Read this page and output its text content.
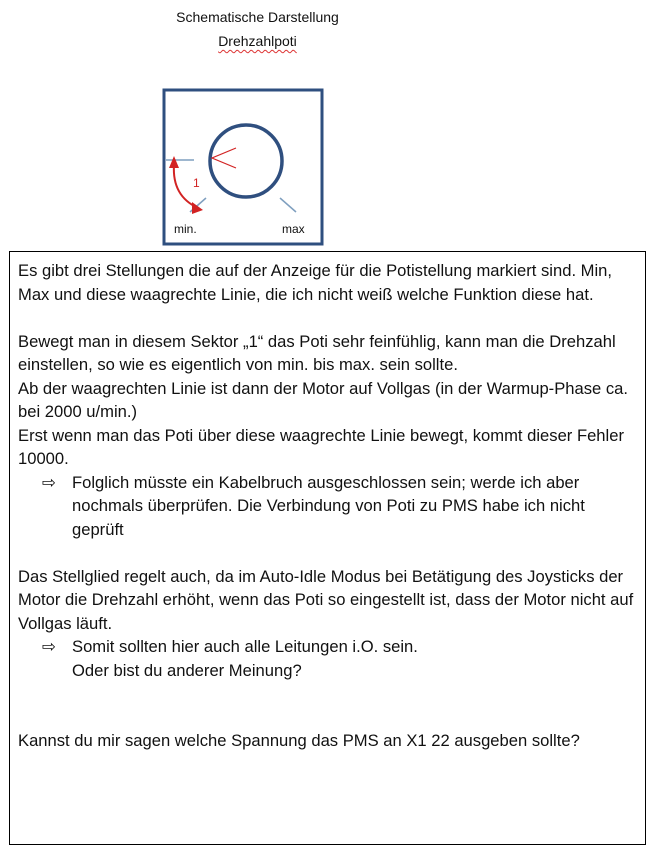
Schematische Darstellung
Drehzahlpoti
1
min.	max

Es gibt drei Stellungen die auf der Anzeige für die Potistellung markiert sind. Min, Max und diese waagrechte Linie, die ich nicht weiß welche Funktion diese hat.

Bewegt man in diesem Sektor „1“ das Poti sehr feinfühlig, kann man die Drehzahl einstellen, so wie es eigentlich von min. bis max. sein sollte.

Ab der waagrechten Linie ist dann der Motor auf Vollgas (in der Warmup-Phase ca. bei 2000 u/min.)

Erst wenn man das Poti über diese waagrechte Linie bewegt, kommt dieser Fehler 10000.

⇨ Folglich müsste ein Kabelbruch ausgeschlossen sein; werde ich aber nochmals überprüfen. Die Verbindung von Poti zu PMS habe ich nicht geprüft

Das Stellglied regelt auch, da im Auto-Idle Modus bei Betätigung des Joysticks der Motor die Drehzahl erhöht, wenn das Poti so eingestellt ist, dass der Motor nicht auf Vollgas läuft.

⇨ Somit sollten hier auch alle Leitungen i.O. sein.
Oder bist du anderer Meinung?

Kannst du mir sagen welche Spannung das PMS an X1 22 ausgeben sollte?
